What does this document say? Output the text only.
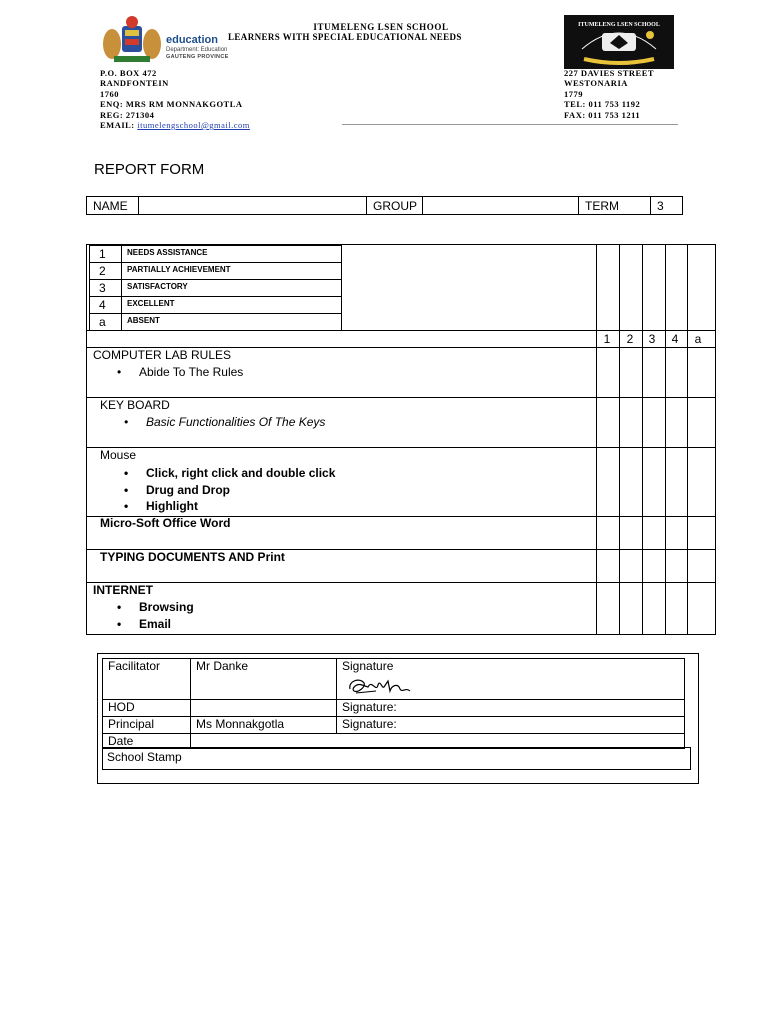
education
Department: Education
GAUTENG PROVINCE
ITUMELENG LSEN SCHOOL
LEARNERS WITH SPECIAL EDUCATIONAL NEEDS
ITUMELENG LSEN SCHOOL
P.O. BOX 472
RANDFONTEIN
1760
ENQ: MRS RM MONNAKGOTLA
REG: 271304
EMAIL: itumelengschool@gmail.com
227 DAVIES STREET
WESTONARIA
1779
TEL: 011 753 1192
FAX: 011 753 1211
REPORT FORM
NAME		GROUP		TERM	3
1	NEEDS ASSISTANCE
2	PARTIALLY ACHIEVEMENT
3	SATISFACTORY
4	EXCELLENT
a	ABSENT
1	2	3	4	a
COMPUTER LAB RULES
• Abide To The Rules
KEY BOARD
• Basic Functionalities Of The Keys
Mouse
• Click, right click and double click
• Drug and Drop
• Highlight
Micro-Soft Office Word
TYPING DOCUMENTS AND Print
INTERNET
• Browsing
• Email
Facilitator	Mr Danke	Signature
HOD		Signature:
Principal	Ms Monnakgotla	Signature:
Date		
School Stamp
